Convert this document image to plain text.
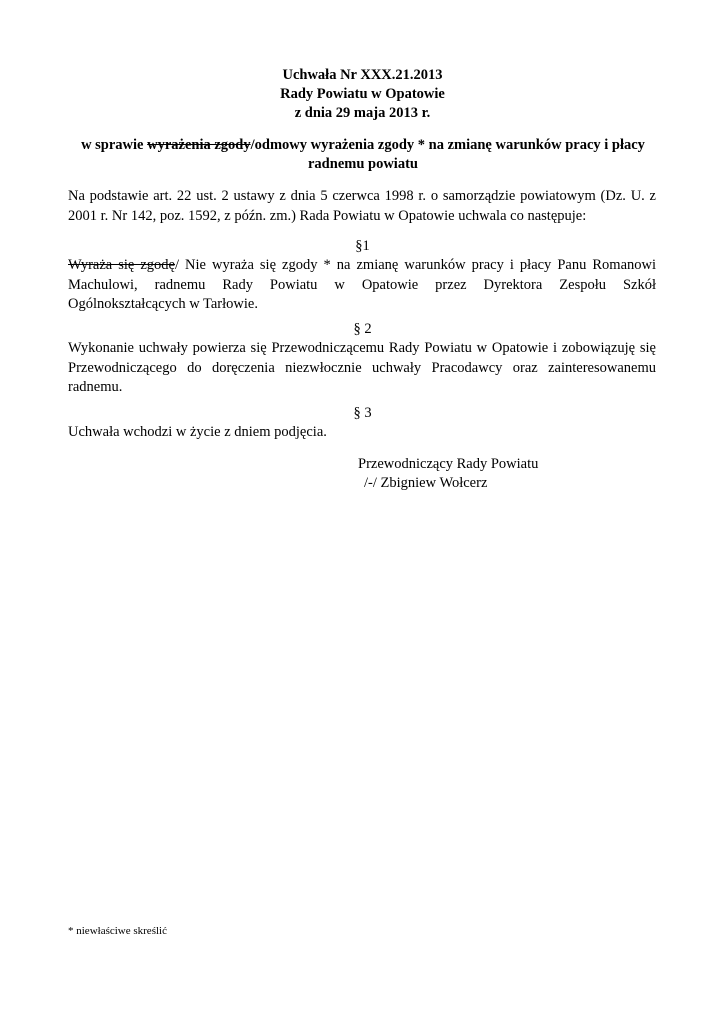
Uchwała Nr XXX.21.2013
Rady Powiatu w Opatowie
z dnia 29 maja 2013 r.
w sprawie wyrażenia zgody/odmowy wyrażenia zgody * na zmianę warunków pracy i płacy
radnemu powiatu
Na podstawie art. 22 ust. 2 ustawy z dnia 5 czerwca 1998 r. o samorządzie powiatowym (Dz. U. z 2001 r. Nr 142, poz. 1592, z późn. zm.) Rada Powiatu w Opatowie uchwala co następuje:
§1
Wyraża się zgodę/ Nie wyraża się zgody * na zmianę warunków pracy i płacy Panu Romanowi Machulowi, radnemu Rady Powiatu w Opatowie przez Dyrektora Zespołu Szkół Ogólnokształcących w Tarłowie.
§ 2
Wykonanie uchwały powierza się Przewodniczącemu Rady Powiatu w Opatowie i zobowiązuję się Przewodniczącego do doręczenia niezwłocznie uchwały Pracodawcy oraz zainteresowanemu radnemu.
§ 3
Uchwała wchodzi w życie z dniem podjęcia.
Przewodniczący Rady Powiatu
/-/ Zbigniew Wołcerz
* niewłaściwe skreślić
